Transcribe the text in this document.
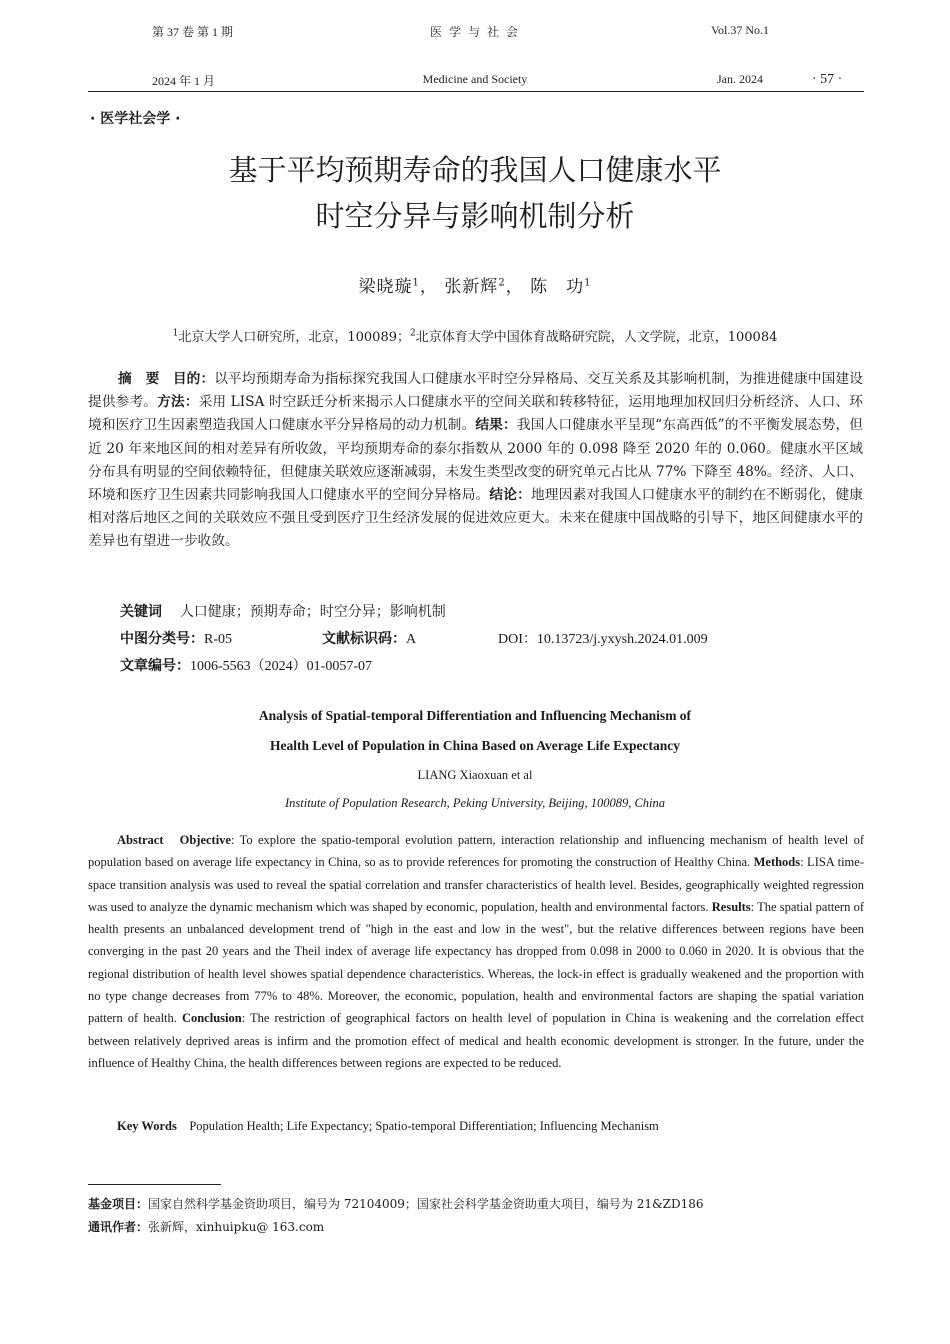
第 37 卷 第 1 期
2024 年 1 月
医 学 与 社 会
Medicine and Society
Vol.37 No.1
Jan. 2024	· 57 ·
· 医学社会学 ·
基于平均预期寿命的我国人口健康水平
时空分异与影响机制分析
梁晓璇$^1$， 张新辉$^2$， 陈　功$^1$
$^1$北京大学人口研究所，北京，100089；$^2$北京体育大学中国体育战略研究院，人文学院，北京，100084
摘　要 目的：以平均预期寿命为指标探究我国人口健康水平时空分异格局、交互关系及其影响机制，为推进健康中国建设提供参考。方法：采用 LISA 时空跃迁分析来揭示人口健康水平的空间关联和转移特征，运用地理加权回归分析经济、人口、环境和医疗卫生因素塑造我国人口健康水平分异格局的动力机制。结果：我国人口健康水平呈现“东高西低”的不平衡发展态势，但近 20 年来地区间的相对差异有所收敛，平均预期寿命的泰尔指数从 2000 年的 0.098 降至 2020 年的 0.060。健康水平区域分布具有明显的空间依赖特征，但健康关联效应逐渐减弱，未发生类型改变的研究单元占比从 77% 下降至 48%。经济、人口、环境和医疗卫生因素共同影响我国人口健康水平的空间分异格局。结论：地理因素对我国人口健康水平的制约在不断弱化，健康相对落后地区之间的关联效应不强且受到医疗卫生经济发展的促进效应更大。未来在健康中国战略的引导下，地区间健康水平的差异也有望进一步收敛。
关键词 人口健康；预期寿命；时空分异；影响机制
中图分类号：R-05	文献标识码：A	DOI：10.13723/j.yxysh.2024.01.009
文章编号：1006-5563（2024）01-0057-07
Analysis of Spatial-temporal Differentiation and Influencing Mechanism of
Health Level of Population in China Based on Average Life Expectancy
LIANG Xiaoxuan et al
Institute of Population Research, Peking University, Beijing, 100089, China
Abstract Objective: To explore the spatio-temporal evolution pattern, interaction relationship and influencing mechanism of health level of population based on average life expectancy in China, so as to provide references for promoting the construction of Healthy China. Methods: LISA time-space transition analysis was used to reveal the spatial correlation and transfer characteristics of health level. Besides, geographically weighted regression was used to analyze the dynamic mechanism which was shaped by economic, population, health and environmental factors. Results: The spatial pattern of health presents an unbalanced development trend of "high in the east and low in the west", but the relative differences between regions have been converging in the past 20 years and the Theil index of average life expectancy has dropped from 0.098 in 2000 to 0.060 in 2020. It is obvious that the regional distribution of health level showes spatial dependence characteristics. Whereas, the lock-in effect is gradually weakened and the proportion with no type change decreases from 77% to 48%. Moreover, the economic, population, health and environmental factors are shaping the spatial variation pattern of health. Conclusion: The restriction of geographical factors on health level of population in China is weakening and the correlation effect between relatively deprived areas is infirm and the promotion effect of medical and health economic development is stronger. In the future, under the influence of Healthy China, the health differences between regions are expected to be reduced.
Key Words Population Health; Life Expectancy; Spatio-temporal Differentiation; Influencing Mechanism
基金项目：国家自然科学基金资助项目，编号为 72104009；国家社会科学基金资助重大项目，编号为 21&ZD186
通讯作者：张新辉，xinhuipku@ 163.com
